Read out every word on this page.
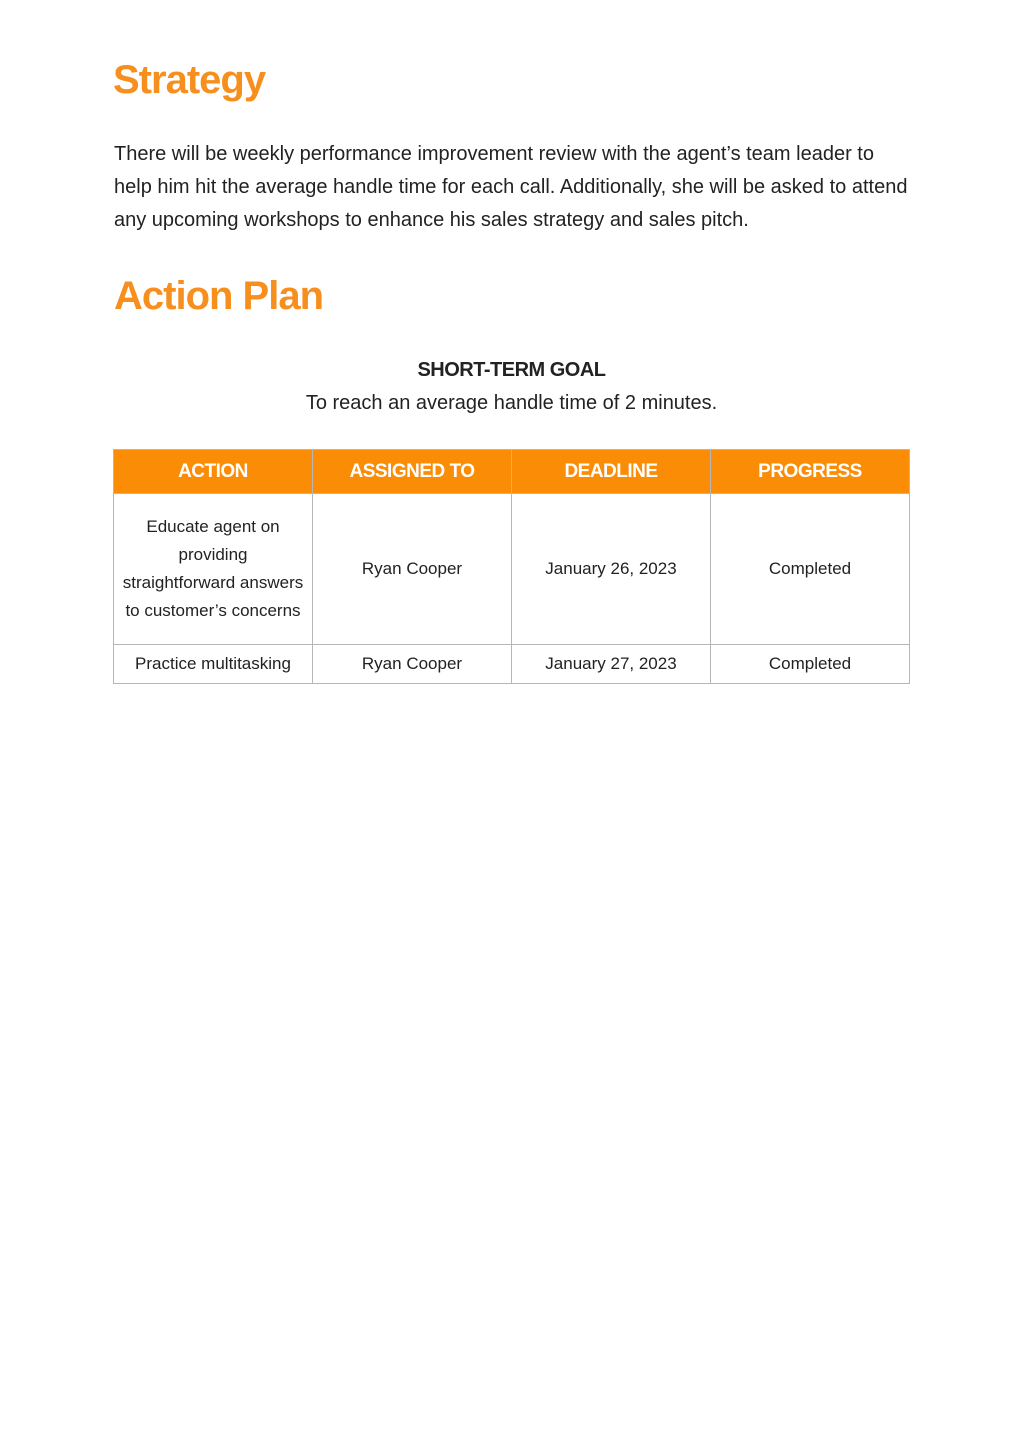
Strategy

There will be weekly performance improvement review with the agent’s team leader to help him hit the average handle time for each call. Additionally, she will be asked to attend any upcoming workshops to enhance his sales strategy and sales pitch.

Action Plan
SHORT-TERM GOAL
To reach an average handle time of 2 minutes.
ACTION	ASSIGNED TO	DEADLINE	PROGRESS
Educate agent on providing straightforward answers to customer’s concerns	Ryan Cooper	January 26, 2023	Completed
Practice multitasking	Ryan Cooper	January 27, 2023	Completed
